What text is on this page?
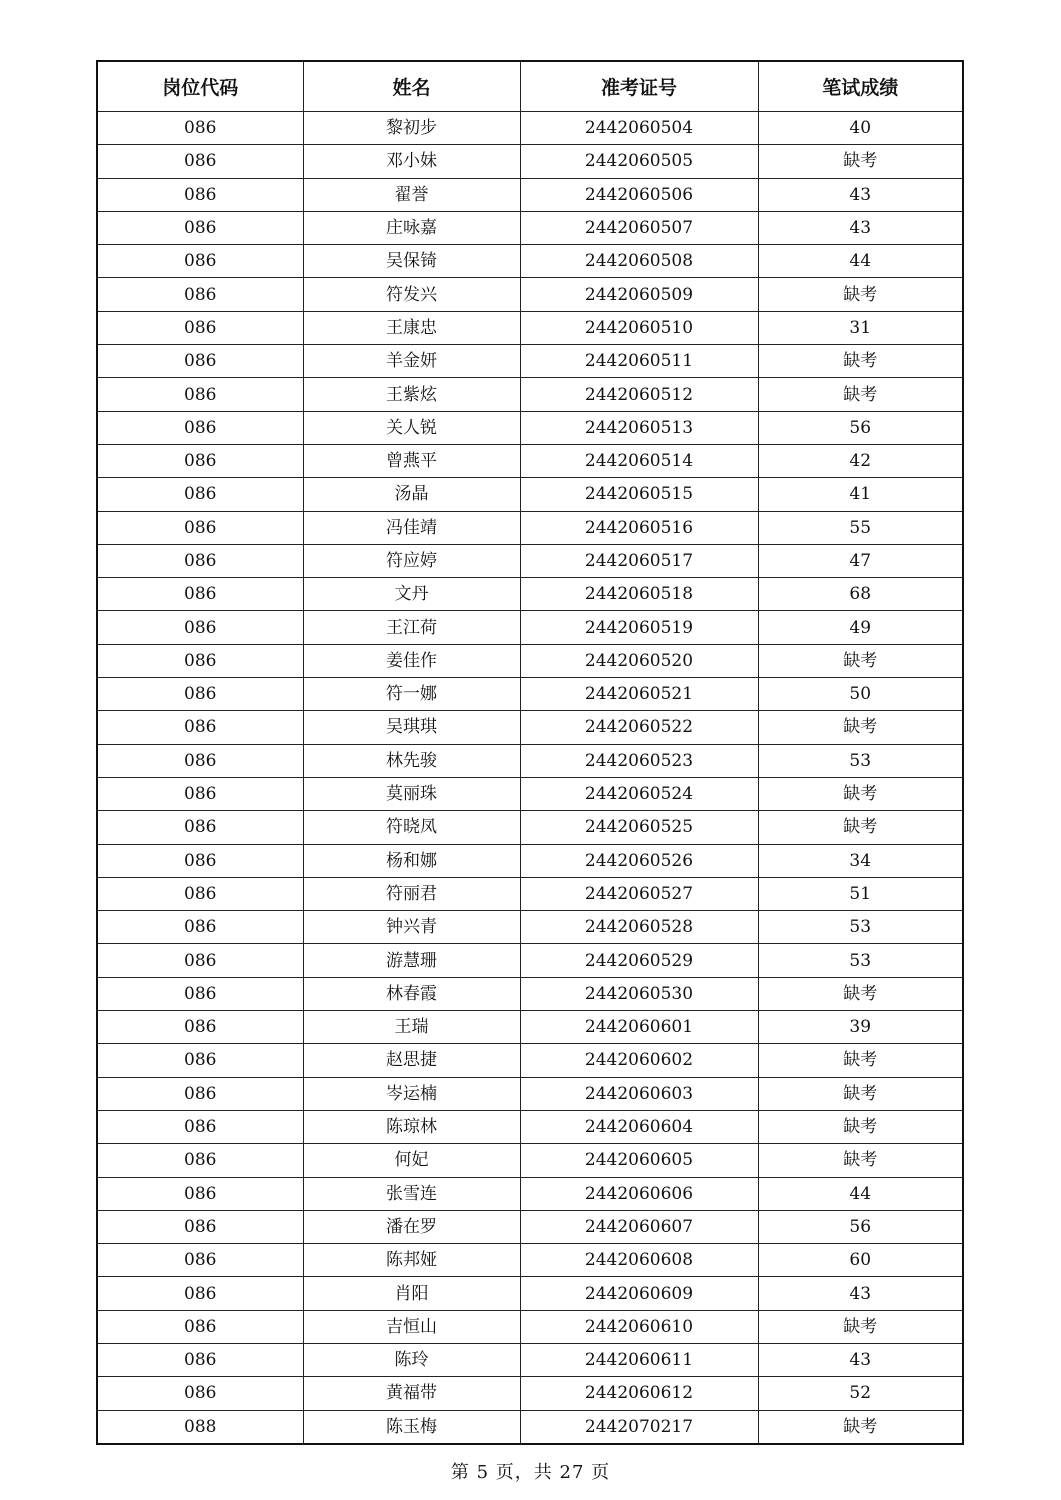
岗位代码	姓名	准考证号	笔试成绩
086	黎初步	2442060504	40
086	邓小妹	2442060505	缺考
086	翟誉	2442060506	43
086	庄咏嘉	2442060507	43
086	吴保锜	2442060508	44
086	符发兴	2442060509	缺考
086	王康忠	2442060510	31
086	羊金妍	2442060511	缺考
086	王紫炫	2442060512	缺考
086	关人锐	2442060513	56
086	曾燕平	2442060514	42
086	汤晶	2442060515	41
086	冯佳靖	2442060516	55
086	符应婷	2442060517	47
086	文丹	2442060518	68
086	王江荷	2442060519	49
086	姜佳作	2442060520	缺考
086	符一娜	2442060521	50
086	吴琪琪	2442060522	缺考
086	林先骏	2442060523	53
086	莫丽珠	2442060524	缺考
086	符晓凤	2442060525	缺考
086	杨和娜	2442060526	34
086	符丽君	2442060527	51
086	钟兴青	2442060528	53
086	游慧珊	2442060529	53
086	林春霞	2442060530	缺考
086	王瑞	2442060601	39
086	赵思捷	2442060602	缺考
086	岑运楠	2442060603	缺考
086	陈琼林	2442060604	缺考
086	何妃	2442060605	缺考
086	张雪连	2442060606	44
086	潘在罗	2442060607	56
086	陈邦娅	2442060608	60
086	肖阳	2442060609	43
086	吉恒山	2442060610	缺考
086	陈玲	2442060611	43
086	黄福带	2442060612	52
088	陈玉梅	2442070217	缺考
第 5 页，共 27 页
